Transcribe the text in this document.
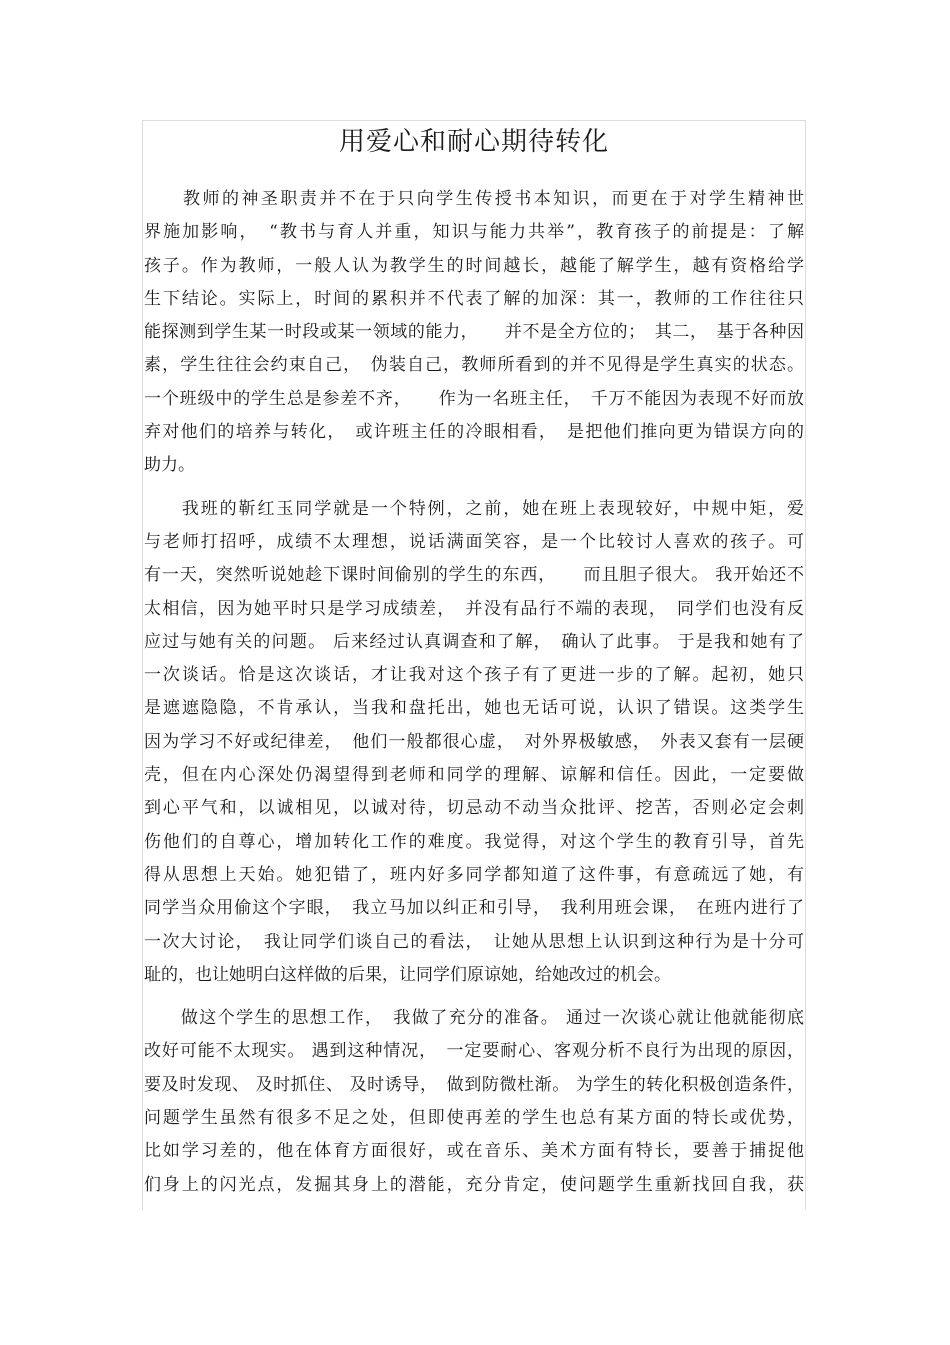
用爱心和耐心期待转化

　　教师的神圣职责并不在于只向学生传授书本知识，而更在于对学生精神世
界施加影响，　“教书与育人并重，知识与能力共举”，教育孩子的前提是：了解
孩子。作为教师，一般人认为教学生的时间越长，越能了解学生，越有资格给学
生下结论。实际上，时间的累积并不代表了解的加深：其一，教师的工作往往只
能探测到学生某一时段或某一领域的能力，　　并不是全方位的；　其二，　基于各种因
素，学生往往会约束自己，　伪装自己，教师所看到的并不见得是学生真实的状态。
一个班级中的学生总是参差不齐，　　作为一名班主任，　千万不能因为表现不好而放
弃对他们的培养与转化，　或许班主任的冷眼相看，　是把他们推向更为错误方向的
助力。

　　我班的靳红玉同学就是一个特例，之前，她在班上表现较好，中规中矩，爱
与老师打招呼，成绩不太理想，说话满面笑容，是一个比较讨人喜欢的孩子。可
有一天，突然听说她趁下课时间偷别的学生的东西，　　而且胆子很大。 我开始还不
太相信，因为她平时只是学习成绩差，　并没有品行不端的表现，　同学们也没有反
应过与她有关的问题。 后来经过认真调查和了解，　确认了此事。 于是我和她有了
一次谈话。恰是这次谈话，才让我对这个孩子有了更进一步的了解。起初，她只
是遮遮隐隐，不肯承认，当我和盘托出，她也无话可说，认识了错误。这类学生
因为学习不好或纪律差，　他们一般都很心虚，　对外界极敏感，　外表又套有一层硬
壳，但在内心深处仍渴望得到老师和同学的理解、谅解和信任。因此，一定要做
到心平气和，以诚相见，以诚对待，切忌动不动当众批评、挖苦，否则必定会刺
伤他们的自尊心，增加转化工作的难度。我觉得，对这个学生的教育引导，首先
得从思想上天始。她犯错了，班内好多同学都知道了这件事，有意疏远了她，有
同学当众用偷这个字眼，　我立马加以纠正和引导，　我利用班会课，　在班内进行了
一次大讨论，　我让同学们谈自己的看法，　让她从思想上认识到这种行为是十分可
耻的，也让她明白这样做的后果，让同学们原谅她，给她改过的机会。

　　做这个学生的思想工作，　我做了充分的准备。 通过一次谈心就让他就能彻底
改好可能不太现实。 遇到这种情况，　一定要耐心、客观分析不良行为出现的原因，
要及时发现、 及时抓住、 及时诱导，　做到防微杜渐。 为学生的转化积极创造条件，
问题学生虽然有很多不足之处，但即使再差的学生也总有某方面的特长或优势，
比如学习差的，他在体育方面很好，或在音乐、美术方面有特长，要善于捕捉他
们身上的闪光点，发掘其身上的潜能，充分肯定，使问题学生重新找回自我，获
